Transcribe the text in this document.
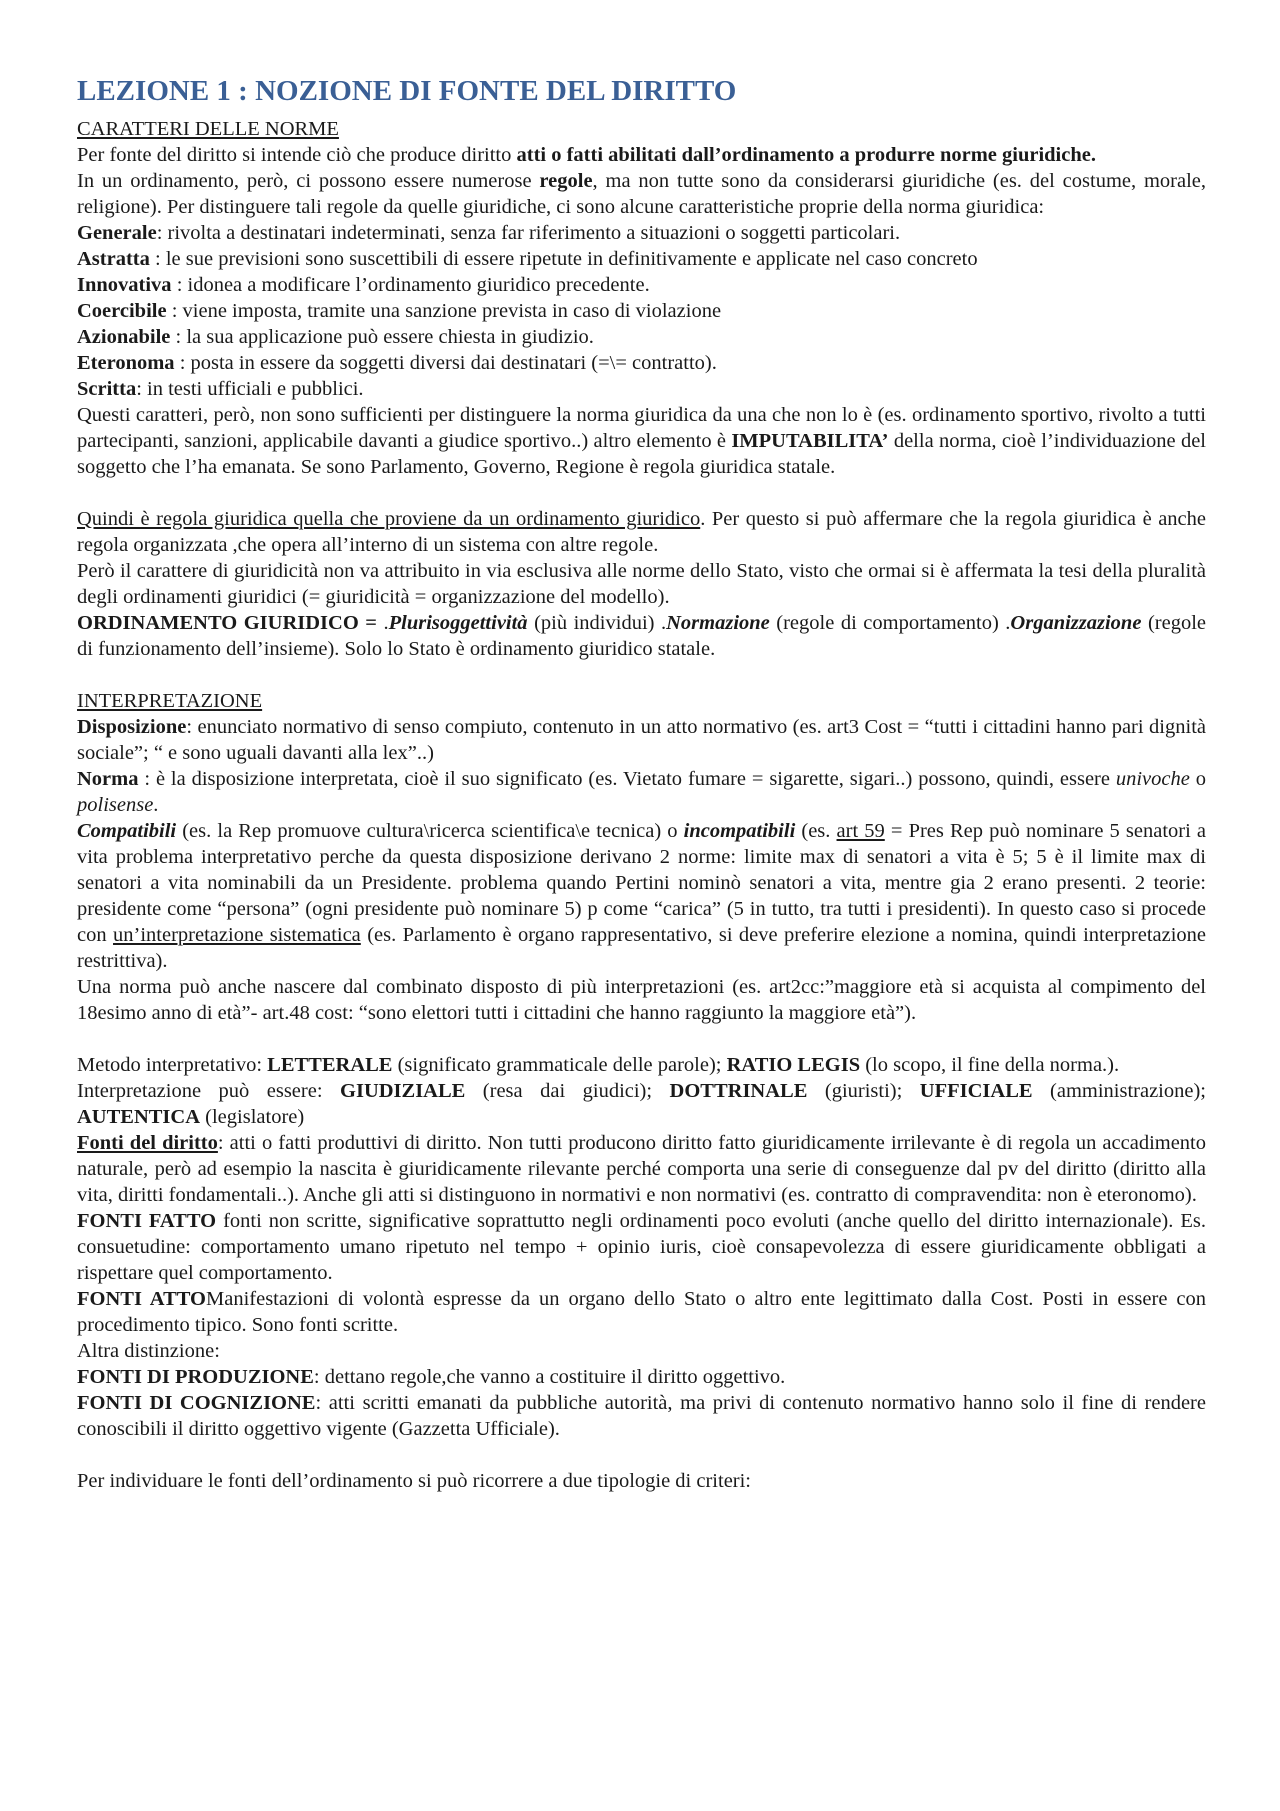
LEZIONE 1 : NOZIONE DI FONTE DEL DIRITTO

CARATTERI DELLE NORME

Per fonte del diritto si intende ciò che produce diritto atti o fatti abilitati dall’ordinamento a produrre norme giuridiche.

In un ordinamento, però, ci possono essere numerose regole, ma non tutte sono da considerarsi giuridiche (es. del costume, morale, religione). Per distinguere tali regole da quelle giuridiche, ci sono alcune caratteristiche proprie della norma giuridica:

Generale: rivolta a destinatari indeterminati, senza far riferimento a situazioni o soggetti particolari.

Astratta : le sue previsioni sono suscettibili di essere ripetute in definitivamente e applicate nel caso concreto

Innovativa : idonea a modificare l’ordinamento giuridico precedente.

Coercibile : viene imposta, tramite una sanzione prevista in caso di violazione

Azionabile : la sua applicazione può essere chiesta in giudizio.

Eteronoma : posta in essere da soggetti diversi dai destinatari (=\= contratto).

Scritta: in testi ufficiali e pubblici.

Questi caratteri, però, non sono sufficienti per distinguere la norma giuridica da una che non lo è (es. ordinamento sportivo, rivolto a tutti partecipanti, sanzioni, applicabile davanti a giudice sportivo..) altro elemento è IMPUTABILITA’ della norma, cioè l’individuazione del soggetto che l’ha emanata. Se sono Parlamento, Governo, Regione è regola giuridica statale.

Quindi è regola giuridica quella che proviene da un ordinamento giuridico. Per questo si può affermare che la regola giuridica è anche regola organizzata ,che opera all’interno di un sistema con altre regole.

Però il carattere di giuridicità non va attribuito in via esclusiva alle norme dello Stato, visto che ormai si è affermata la tesi della pluralità degli ordinamenti giuridici (= giuridicità = organizzazione del modello).

ORDINAMENTO GIURIDICO = .Plurisoggettività (più individui) .Normazione (regole di comportamento) .Organizzazione (regole di funzionamento dell’insieme). Solo lo Stato è ordinamento giuridico statale.

INTERPRETAZIONE

Disposizione: enunciato normativo di senso compiuto, contenuto in un atto normativo (es. art3 Cost = “tutti i cittadini hanno pari dignità sociale”; “ e sono uguali davanti alla lex”..)

Norma : è la disposizione interpretata, cioè il suo significato (es. Vietato fumare = sigarette, sigari..) possono, quindi, essere univoche o polisense.

Compatibili (es. la Rep promuove cultura\ricerca scientifica\e tecnica) o incompatibili (es. art 59 = Pres Rep può nominare 5 senatori a vita problema interpretativo perche da questa disposizione derivano 2 norme: limite max di senatori a vita è 5; 5 è il limite max di senatori a vita nominabili da un Presidente. problema quando Pertini nominò senatori a vita, mentre gia 2 erano presenti. 2 teorie: presidente come “persona” (ogni presidente può nominare 5) p come “carica” (5 in tutto, tra tutti i presidenti). In questo caso si procede con un’interpretazione sistematica (es. Parlamento è organo rappresentativo, si deve preferire elezione a nomina, quindi interpretazione restrittiva).

Una norma può anche nascere dal combinato disposto di più interpretazioni (es. art2cc:”maggiore età si acquista al compimento del 18esimo anno di età”- art.48 cost: “sono elettori tutti i cittadini che hanno raggiunto la maggiore età”).

Metodo interpretativo: LETTERALE (significato grammaticale delle parole); RATIO LEGIS (lo scopo, il fine della norma.).

Interpretazione può essere: GIUDIZIALE (resa dai giudici); DOTTRINALE (giuristi); UFFICIALE (amministrazione); AUTENTICA (legislatore)

Fonti del diritto: atti o fatti produttivi di diritto. Non tutti producono diritto fatto giuridicamente irrilevante è di regola un accadimento naturale, però ad esempio la nascita è giuridicamente rilevante perché comporta una serie di conseguenze dal pv del diritto (diritto alla vita, diritti fondamentali..). Anche gli atti si distinguono in normativi e non normativi (es. contratto di compravendita: non è eteronomo).

FONTI FATTO fonti non scritte, significative soprattutto negli ordinamenti poco evoluti (anche quello del diritto internazionale). Es. consuetudine: comportamento umano ripetuto nel tempo + opinio iuris, cioè consapevolezza di essere giuridicamente obbligati a rispettare quel comportamento.

FONTI ATTOManifestazioni di volontà espresse da un organo dello Stato o altro ente legittimato dalla Cost. Posti in essere con procedimento tipico. Sono fonti scritte.

Altra distinzione:

FONTI DI PRODUZIONE: dettano regole,che vanno a costituire il diritto oggettivo.

FONTI DI COGNIZIONE: atti scritti emanati da pubbliche autorità, ma privi di contenuto normativo hanno solo il fine di rendere conoscibili il diritto oggettivo vigente (Gazzetta Ufficiale).

Per individuare le fonti dell’ordinamento si può ricorrere a due tipologie di criteri:
